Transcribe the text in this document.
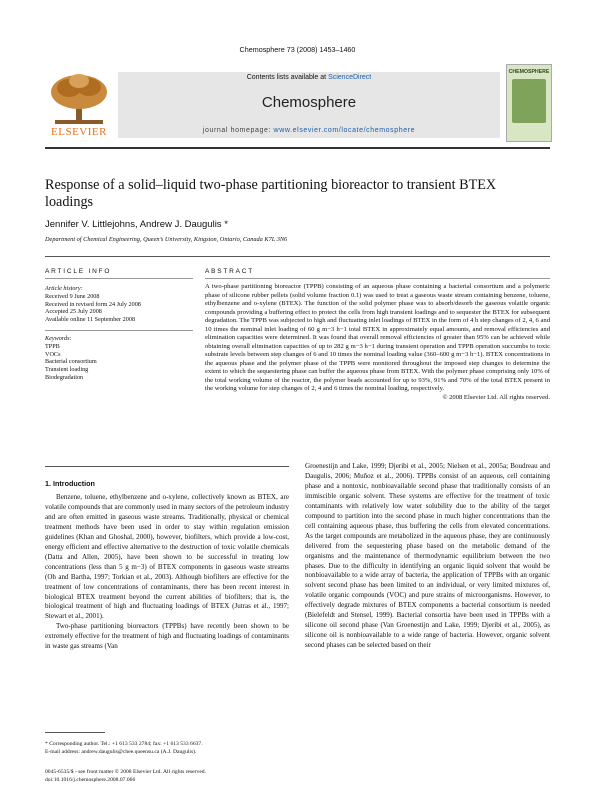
Chemosphere 73 (2008) 1453–1460
ELSEVIER
Contents lists available at ScienceDirect
Chemosphere
journal homepage: www.elsevier.com/locate/chemosphere
CHEMOSPHERE
Response of a solid–liquid two-phase partitioning bioreactor to transient BTEX loadings
Jennifer V. Littlejohns, Andrew J. Daugulis *
Department of Chemical Engineering, Queen’s University, Kingston, Ontario, Canada K7L 3N6
ARTICLE INFO	ABSTRACT
Article history:
Received 9 June 2008
Received in revised form 24 July 2008
Accepted 25 July 2008
Available online 11 September 2008
Keywords:
TPPB
VOCs
Bacterial consortium
Transient loading
Biodegradation
A two-phase partitioning bioreactor (TPPB) consisting of an aqueous phase containing a bacterial consortium and a polymeric phase of silicone rubber pellets (solid volume fraction 0.1) was used to treat a gaseous waste stream containing benzene, toluene, ethylbenzene and o-xylene (BTEX). The function of the solid polymer phase was to absorb/desorb the gaseous volatile organic compounds providing a buffering effect to protect the cells from high transient loadings and to sequester the BTEX for subsequent degradation. The TPPB was subjected to high and fluctuating inlet loadings of BTEX in the form of 4 h step changes of 2, 4, 6 and 10 times the nominal inlet loading of 60 g m−3 h−1 total BTEX in approximately equal amounts, and removal efficiencies and elimination capacities were determined. It was found that overall removal efficiencies of greater than 95% can be achieved while obtaining overall elimination capacities of up to 282 g m−3 h−1 during transient operation and TPPB operation succumbs to toxic substrate levels between step changes of 6 and 10 times the nominal loading value (360–600 g m−3 h−1). BTEX concentrations in the aqueous phase and the polymer phase of the TPPB were monitored throughout the imposed step changes to determine the extent to which the sequestering phase can buffer the aqueous phase from BTEX. With the polymer phase comprising only 10% of the total working volume of the reactor, the polymer beads accounted for up to 93%, 91% and 70% of the total BTEX present in the working volume for step changes of 2, 4 and 6 times the nominal loading, respectively.
© 2008 Elsevier Ltd. All rights reserved.
1. Introduction

Benzene, toluene, ethylbenzene and o-xylene, collectively known as BTEX, are volatile compounds that are commonly used in many sectors of the petroleum industry and are often emitted in gaseous waste streams. Traditionally, physical or chemical treatment methods have been used in order to stay within regulation emission guidelines (Khan and Ghoshal, 2000), however, biofilters, which provide a low-cost, energy efficient and effective alternative to the destruction of toxic volatile chemicals (Datta and Allen, 2005), have been shown to be successful in treating low concentrations (less than 5 g m−3) of BTEX components in gaseous waste streams (Oh and Bartha, 1997; Torkian et al., 2003). Although biofilters are effective for the treatment of low concentrations of contaminants, there has been recent interest in biological BTEX treatment beyond the current abilities of biofilters; that is, the biological treatment of high and fluctuating loadings of BTEX (Jutras et al., 1997; Stewart et al., 2001).

Two-phase partitioning bioreactors (TPPBs) have recently been shown to be extremely effective for the treatment of high and fluctuating loadings of contaminants in waste gas streams (Van

Groenestijn and Lake, 1999; Djeribi et al., 2005; Nielsen et al., 2005a; Boudreau and Daugulis, 2006; Muñoz et al., 2006). TPPBs consist of an aqueous, cell containing phase and a nontoxic, nonbioavailable second phase that traditionally consists of an immiscible organic solvent. These systems are effective for the treatment of toxic contaminants with relatively low water solubility due to the ability of the target compound to partition into the second phase in much higher concentrations than the cell containing aqueous phase, thus buffering the cells from elevated concentrations. As the target compounds are metabolized in the aqueous phase, they are continuously delivered from the sequestering phase based on the metabolic demand of the organisms and the maintenance of thermodynamic equilibrium between the two phases. Due to the difficulty in identifying an organic liquid solvent that would be nonbioavailable to a wide array of bacteria, the application of TPPBs with an organic solvent second phase has been limited to an individual, or very limited mixtures of, volatile organic compounds (VOC) and pure strains of microorganisms. However, to effectively degrade mixtures of BTEX components a bacterial consortium is needed (Bielefeldt and Stensel, 1999). Bacterial consortia have been used in TPPBs with a silicone oil second phase (Van Groenestijn and Lake, 1999; Djeribi et al., 2005), as silicone oil is nonbioavailable to a wide range of bacteria. However, organic solvent second phases can be selected based on their

* Corresponding author. Tel.: +1 613 533 2784; fax: +1 613 533 6637.
E-mail address: andrew.daugulis@chee.queensu.ca (A.J. Daugulis).
0045-6535/$ - see front matter © 2008 Elsevier Ltd. All rights reserved.
doi:10.1016/j.chemosphere.2008.07.066
